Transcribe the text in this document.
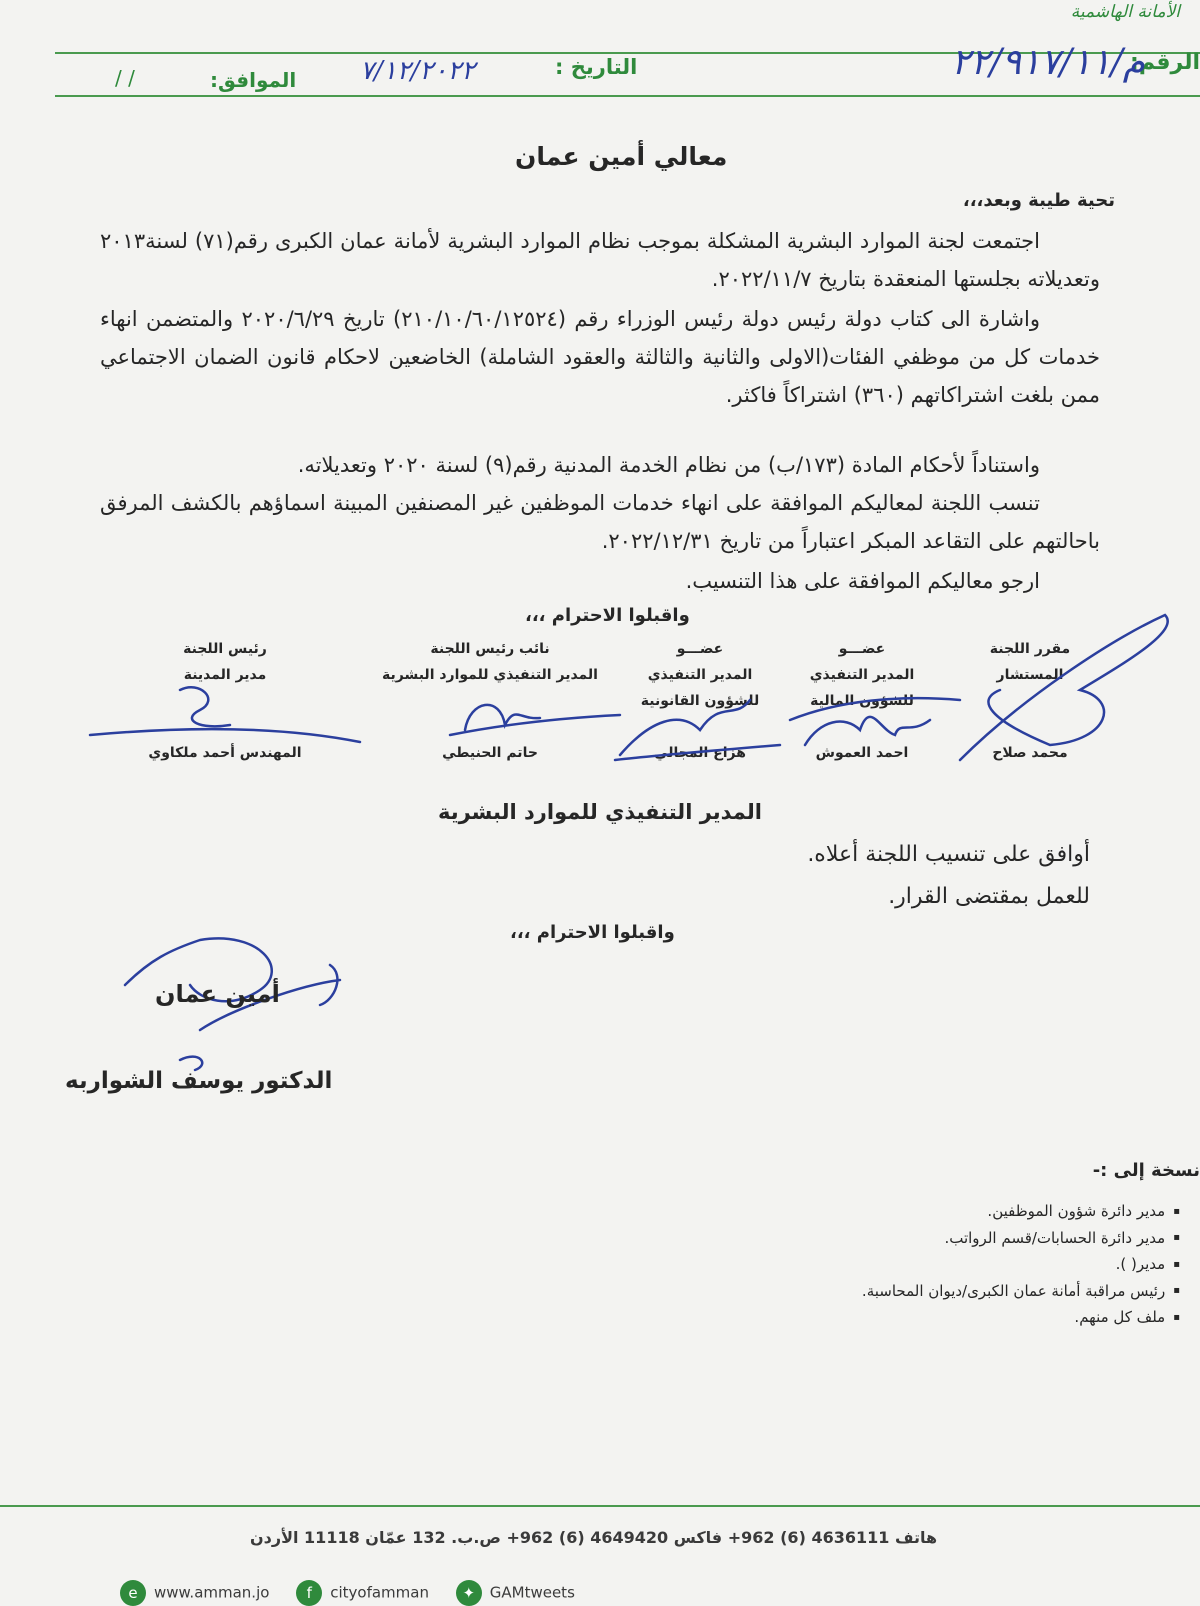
الأمانة الهاشمية
الرقم:
م/٢٢/٩١٧/١١
التاريخ :
٧/١٢/٢٠٢٢
الموافق:
/ /
معالي أمين عمان
تحية طيبة وبعد،،،
اجتمعت لجنة الموارد البشرية المشكلة بموجب نظام الموارد البشرية لأمانة عمان الكبرى رقم(٧١) لسنة٢٠١٣ وتعديلاته بجلستها المنعقدة بتاريخ ٢٠٢٢/١١/٧.
واشارة الى كتاب دولة رئيس دولة رئيس الوزراء رقم (٢١٠/١٠/٦٠/١٢٥٢٤) تاريخ ٢٠٢٠/٦/٢٩ والمتضمن انهاء خدمات كل من موظفي الفئات(الاولى والثانية والثالثة والعقود الشاملة) الخاضعين لاحكام قانون الضمان الاجتماعي ممن بلغت اشتراكاتهم (٣٦٠) اشتراكاً فاكثر.
واستناداً لأحكام المادة (١٧٣/ب) من نظام الخدمة المدنية رقم(٩) لسنة ٢٠٢٠ وتعديلاته.
تنسب اللجنة لمعاليكم الموافقة على انهاء خدمات الموظفين غير المصنفين المبينة اسماؤهم بالكشف المرفق باحالتهم على التقاعد المبكر اعتباراً من تاريخ ٢٠٢٢/١٢/٣١.
ارجو معاليكم الموافقة على هذا التنسيب.
واقبلوا الاحترام ،،،
مقرر اللجنة
المستشار
محمد صلاح
عضـــو
المدير التنفيذي
للشؤون المالية
احمد العموش
عضـــو
المدير التنفيذي
للشؤون القانونية
هزاع المجالي
نائب رئيس اللجنة
المدير التنفيذي للموارد البشرية
حاتم الحنيطي
رئيس اللجنة
مدير المدينة
المهندس أحمد ملكاوي
المدير التنفيذي للموارد البشرية
أوافق على تنسيب اللجنة أعلاه.
للعمل بمقتضى القرار.
واقبلوا الاحترام ،،،
أمين عمان
الدكتور يوسف الشواربه
نسخة إلى :-
▪ مدير دائرة شؤون الموظفين.
▪ مدير دائرة الحسابات/قسم الرواتب.
▪ مدير( ).
▪ رئيس مراقبة أمانة عمان الكبرى/ديوان المحاسبة.
▪ ملف كل منهم.
هاتف 4636111 (6) 962+ فاكس 4649420 (6) 962+ ص.ب. 132 عمّان 11118 الأردن
e www.amman.jo f cityofamman ✦ GAMtweets
